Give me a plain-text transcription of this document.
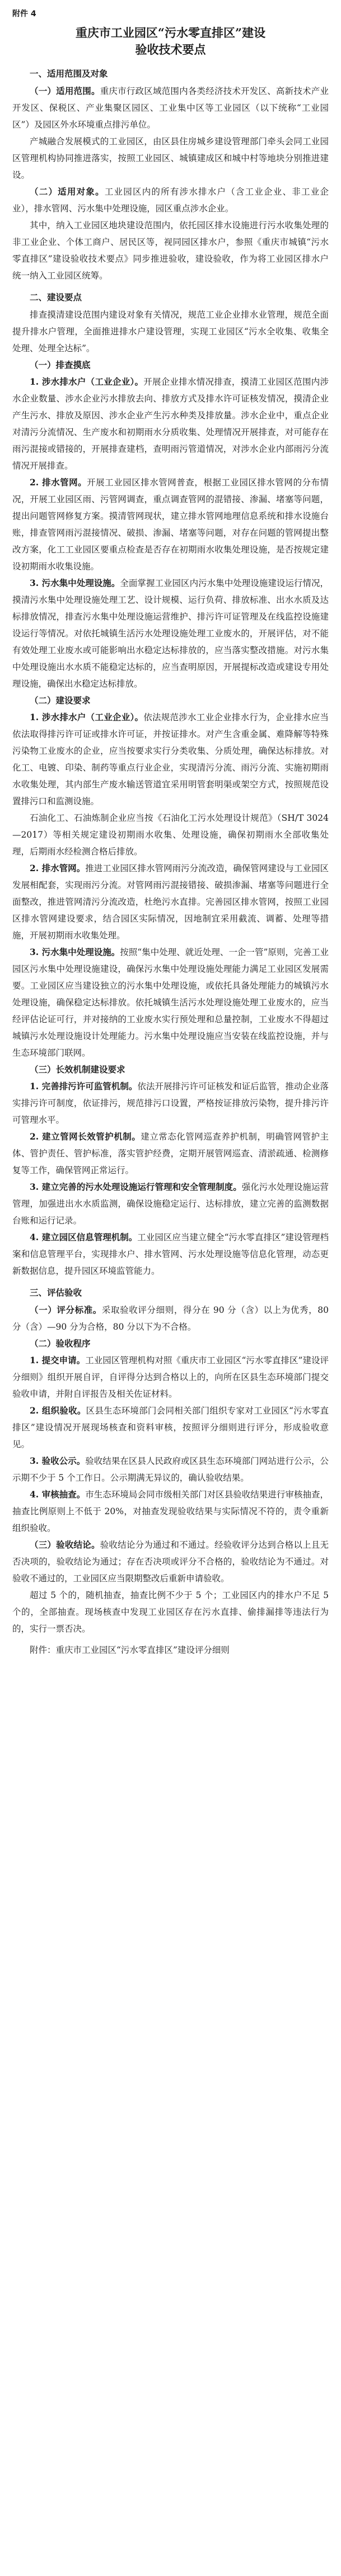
附件 4
重庆市工业园区“污水零直排区”建设
验收技术要点
一、适用范围及对象
（一）适用范围。重庆市行政区域范围内各类经济技术开发区、高新技术产业开发区、保税区、产业集聚区园区、工业集中区等工业园区（以下统称“工业园区”）及园区外水环境重点排污单位。
产城融合发展模式的工业园区，由区县住房城乡建设管理部门牵头会同工业园区管理机构协同推进落实，按照工业园区、城镇建成区和城中村等地块分别推进建设。
（二）适用对象。工业园区内的所有涉水排水户（含工业企业、非工业企业），排水管网、污水集中处理设施，园区重点涉水企业。
其中，纳入工业园区地块建设范围内，依托园区排水设施进行污水收集处理的非工业企业、个体工商户、居民区等，视同园区排水户，参照《重庆市城镇“污水零直排区”建设验收技术要点》同步推进验收，建设验收，作为将工业园区排水户统一纳入工业园区统筹。
二、建设要点
排查摸清建设范围内建设对象有关情况，规范工业企业排水业管理，规范全面提升排水户管理，全面推进排水户建设管理，实现工业园区“污水全收集、收集全处理、处理全达标”。
（一）排查摸底
1. 涉水排水户（工业企业）。开展企业排水情况排查，摸清工业园区范围内涉水企业数量、涉水企业污水排放去向、排放方式及排水许可证核发情况，摸清企业产生污水、排放及原因、涉水企业产生污水种类及排放量。涉水企业中，重点企业对清污分流情况、生产废水和初期雨水分质收集、处理情况开展排查，对可能存在雨污混接或错接的，开展排查建档，查明雨污管道情况，对涉水企业内部雨污分流情况开展排查。
2. 排水管网。开展工业园区排水管网普查，根据工业园区排水管网的分布情况，开展工业园区雨、污管网调查，重点调查管网的混错接、渗漏、堵塞等问题，提出问题管网修复方案。摸清管网现状，建立排水管网地理信息系统和排水设施台账，排查管网雨污混接情况、破损、渗漏、堵塞等问题，对存在问题的管网提出整改方案，化工工业园区要重点检查是否存在初期雨水收集处理设施，是否按规定建设初期雨水收集设施。
3. 污水集中处理设施。全面掌握工业园区内污水集中处理设施建设运行情况，摸清污水集中处理设施处理工艺、设计规模、运行负荷、排放标准、出水水质及达标排放情况，排查污水集中处理设施运营维护、排污许可证管理及在线监控设施建设运行等情况。对依托城镇生活污水处理设施处理工业废水的，开展评估，对不能有效处理工业废水或可能影响出水稳定达标排放的，应当落实整改措施。对污水集中处理设施出水水质不能稳定达标的，应当查明原因，开展提标改造或建设专用处理设施，确保出水稳定达标排放。
（二）建设要求
1. 涉水排水户（工业企业）。依法规范涉水工业企业排水行为，企业排水应当依法取得排污许可证或排水许可证，并按证排水。对产生含重金属、难降解等特殊污染物工业废水的企业，应当按要求实行分类收集、分质处理，确保达标排放。对化工、电镀、印染、制药等重点行业企业，实现清污分流、雨污分流、实施初期雨水收集处理，其内部生产废水输送管道宜采用明管套明渠或架空方式，按照规范设置排污口和监测设施。
石油化工、石油炼制企业应当按《石油化工污水处理设计规范》（SH/T 3024—2017）等相关规定建设初期雨水收集、处理设施，确保初期雨水全部收集处理，后期雨水经检测合格后排放。
2. 排水管网。推进工业园区排水管网雨污分流改造，确保管网建设与工业园区发展相配套，实现雨污分流。对管网雨污混接错接、破损渗漏、堵塞等问题进行全面整改，推进管网清污分流改造，杜绝污水直排。完善园区排水管网，按照工业园区排水管网建设要求，结合园区实际情况，因地制宜采用截流、调蓄、处理等措施，开展初期雨水收集处理。
3. 污水集中处理设施。按照“集中处理、就近处理、一企一管”原则，完善工业园区污水集中处理设施建设，确保污水集中处理设施处理能力满足工业园区发展需要。工业园区应当建设独立的污水集中处理设施，或依托具备处理能力的城镇污水处理设施，确保稳定达标排放。依托城镇生活污水处理设施处理工业废水的，应当经评估论证可行，并对接纳的工业废水实行预处理和总量控制，工业废水不得超过城镇污水处理设施设计处理能力。污水集中处理设施应当安装在线监控设施，并与生态环境部门联网。
（三）长效机制建设要求
1. 完善排污许可监管机制。依法开展排污许可证核发和证后监管，推动企业落实排污许可制度，依证排污，规范排污口设置，严格按证排放污染物，提升排污许可管理水平。
2. 建立管网长效管护机制。建立常态化管网巡查养护机制，明确管网管护主体、管护责任、管护标准，落实管护经费，定期开展管网巡查、清淤疏通、检测修复等工作，确保管网正常运行。
3. 建立完善的污水处理设施运行管理和安全管理制度。强化污水处理设施运营管理，加强进出水水质监测，确保设施稳定运行、达标排放，建立完善的监测数据台账和运行记录。
4. 建立园区信息管理机制。工业园区应当建立健全“污水零直排区”建设管理档案和信息管理平台，实现排水户、排水管网、污水处理设施等信息化管理，动态更新数据信息，提升园区环境监管能力。
三、评估验收
（一）评分标准。采取验收评分细则，得分在 90 分（含）以上为优秀，80 分（含）—90 分为合格，80 分以下为不合格。
（二）验收程序
1. 提交申请。工业园区管理机构对照《重庆市工业园区“污水零直排区”建设评分细则》组织开展自评，自评得分达到合格以上的，向所在区县生态环境部门提交验收申请，并附自评报告及相关佐证材料。
2. 组织验收。区县生态环境部门会同相关部门组织专家对工业园区“污水零直排区”建设情况开展现场核查和资料审核，按照评分细则进行评分，形成验收意见。
3. 验收公示。验收结果在区县人民政府或区县生态环境部门网站进行公示，公示期不少于 5 个工作日。公示期满无异议的，确认验收结果。
4. 审核抽查。市生态环境局会同市级相关部门对区县验收结果进行审核抽查，抽查比例原则上不低于 20%，对抽查发现验收结果与实际情况不符的，责令重新组织验收。
（三）验收结论。验收结论分为通过和不通过。经验收评分达到合格以上且无否决项的，验收结论为通过；存在否决项或评分不合格的，验收结论为不通过。对验收不通过的，工业园区应当限期整改后重新申请验收。
超过 5 个的，随机抽查，抽查比例不少于 5 个；工业园区内的排水户不足 5 个的，全部抽查。现场核查中发现工业园区存在污水直排、偷排漏排等违法行为的，实行一票否决。
附件：重庆市工业园区“污水零直排区”建设评分细则
